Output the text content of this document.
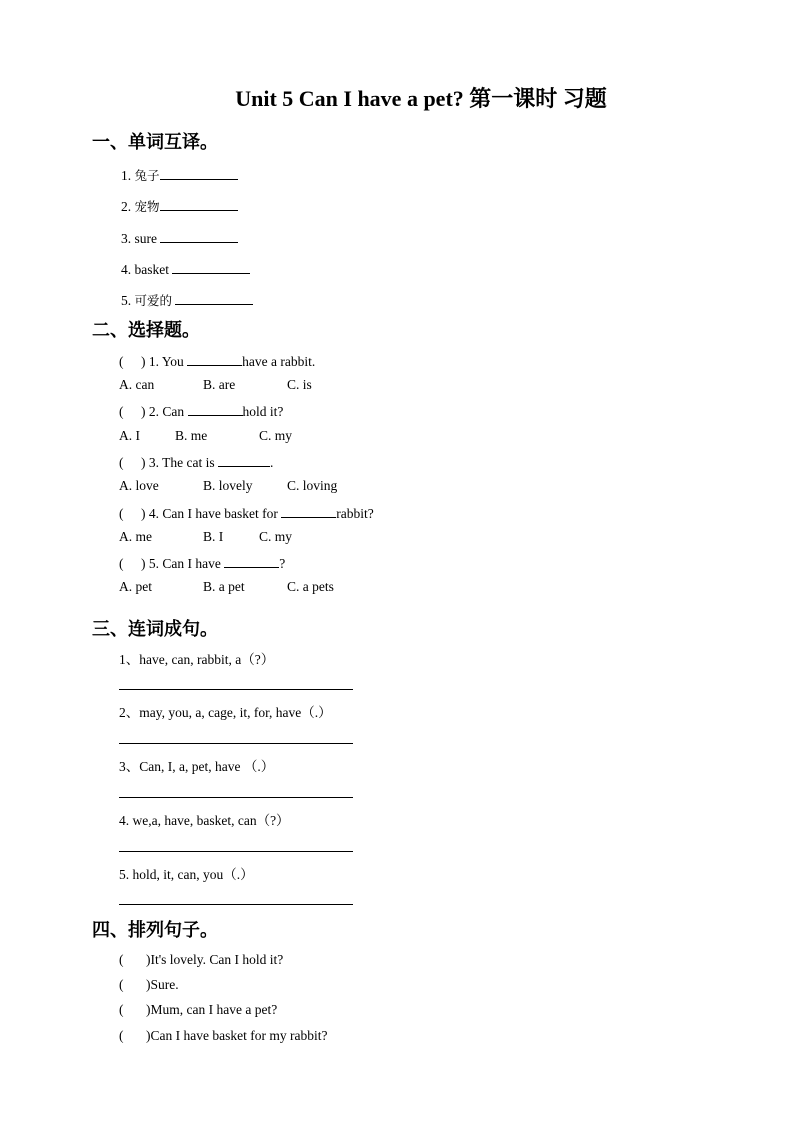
Unit 5 Can I have a pet? 第一课时 习题
一、单词互译。
1. 兔子
2. 宠物
3. sure
4. basket
5. 可爱的
二、选择题。
( ) 1. You	have a rabbit.
A. can	B. are	C. is
( ) 2. Can	hold it?
A. I	B. me	C. my
( ) 3. The cat is	.
A. love	B. lovely	C. loving
( ) 4. Can I have basket for	rabbit?
A. me	B. I	C. my
( ) 5. Can I have	?
A. pet	B. a pet	C. a pets
三、连词成句。
1、have, can, rabbit, a（?）
2、may, you, a, cage, it, for, have（.）
3、Can, I, a, pet, have （.）
4. we,a, have, basket, can（?）
5. hold, it, can, you（.）
四、排列句子。
( )It's lovely. Can I hold it?
( )Sure.
( )Mum, can I have a pet?
( )Can I have basket for my rabbit?
